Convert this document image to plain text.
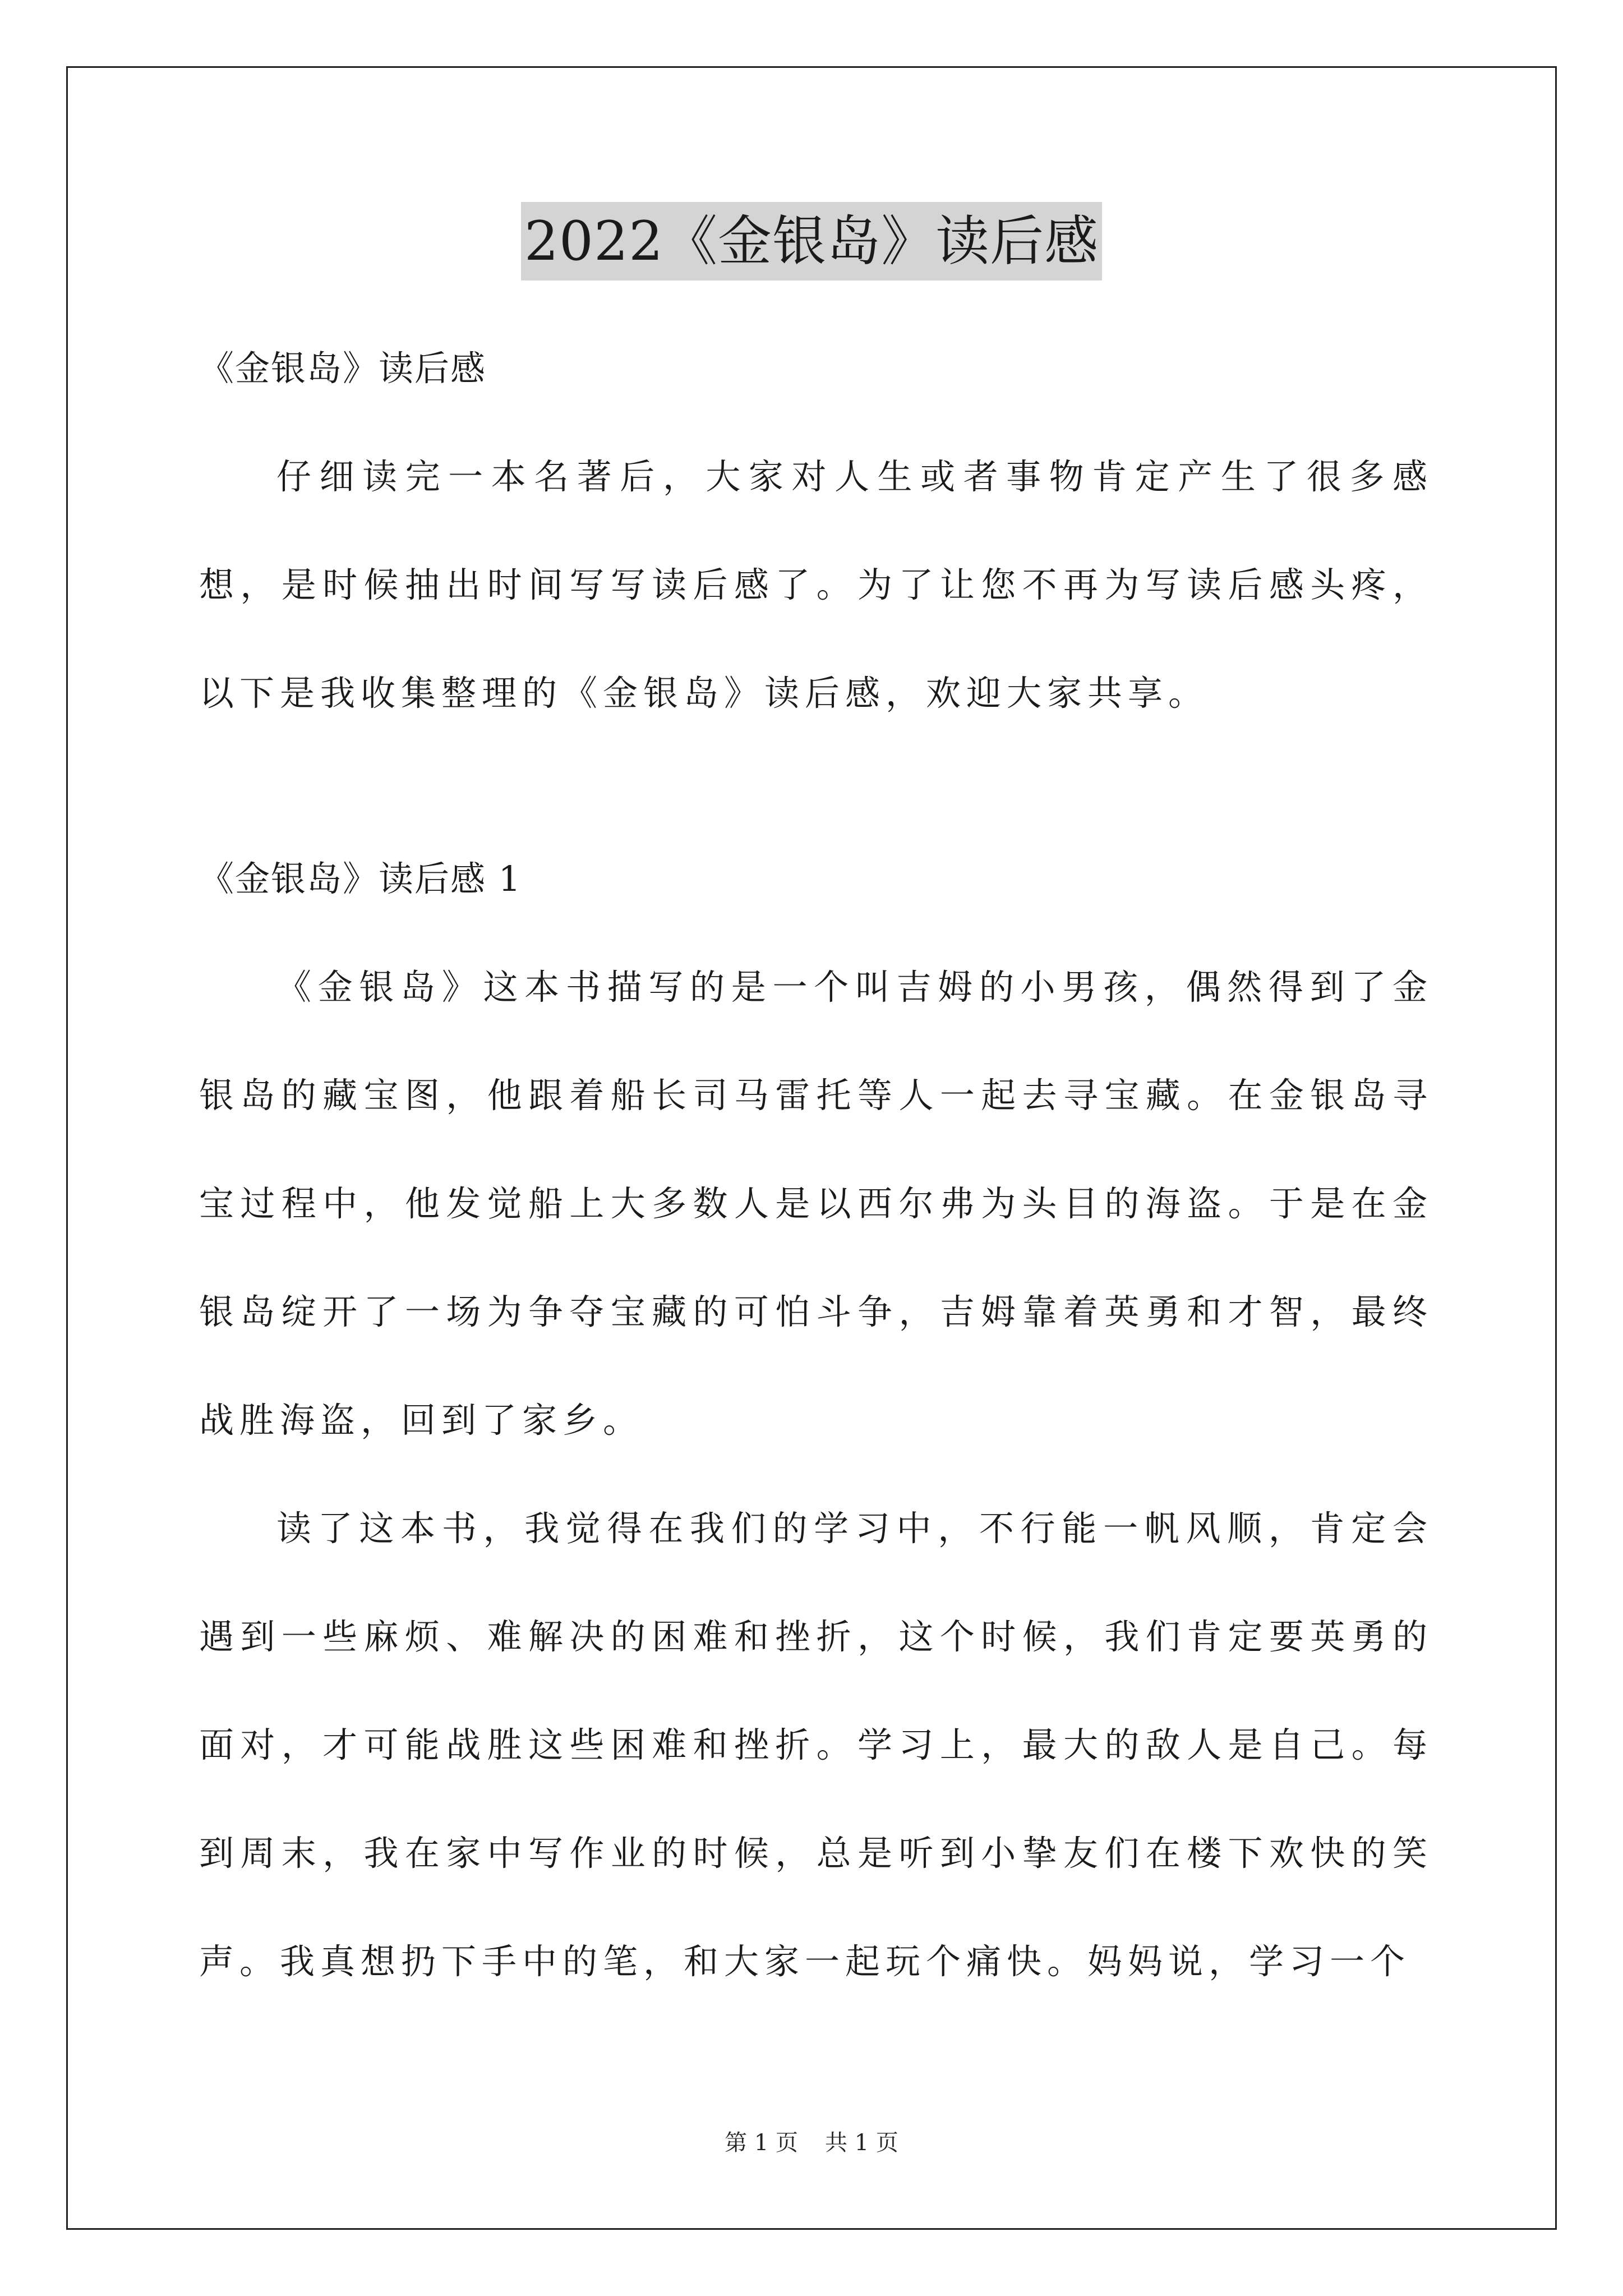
2022《金银岛》读后感

《金银岛》读后感

仔细读完一本名著后，大家对人生或者事物肯定产生了很多感想，是时候抽出时间写写读后感了。为了让您不再为写读后感头疼，以下是我收集整理的《金银岛》读后感，欢迎大家共享。

《金银岛》读后感 1

《金银岛》这本书描写的是一个叫吉姆的小男孩，偶然得到了金银岛的藏宝图，他跟着船长司马雷托等人一起去寻宝藏。在金银岛寻宝过程中，他发觉船上大多数人是以西尔弗为头目的海盗。于是在金银岛绽开了一场为争夺宝藏的可怕斗争，吉姆靠着英勇和才智，最终战胜海盗，回到了家乡。

读了这本书，我觉得在我们的学习中，不行能一帆风顺，肯定会遇到一些麻烦、难解决的困难和挫折，这个时候，我们肯定要英勇的面对，才可能战胜这些困难和挫折。学习上，最大的敌人是自己。每到周末，我在家中写作业的时候，总是听到小挚友们在楼下欢快的笑声。我真想扔下手中的笔，和大家一起玩个痛快。妈妈说，学习一个

第 1 页 共 1 页
